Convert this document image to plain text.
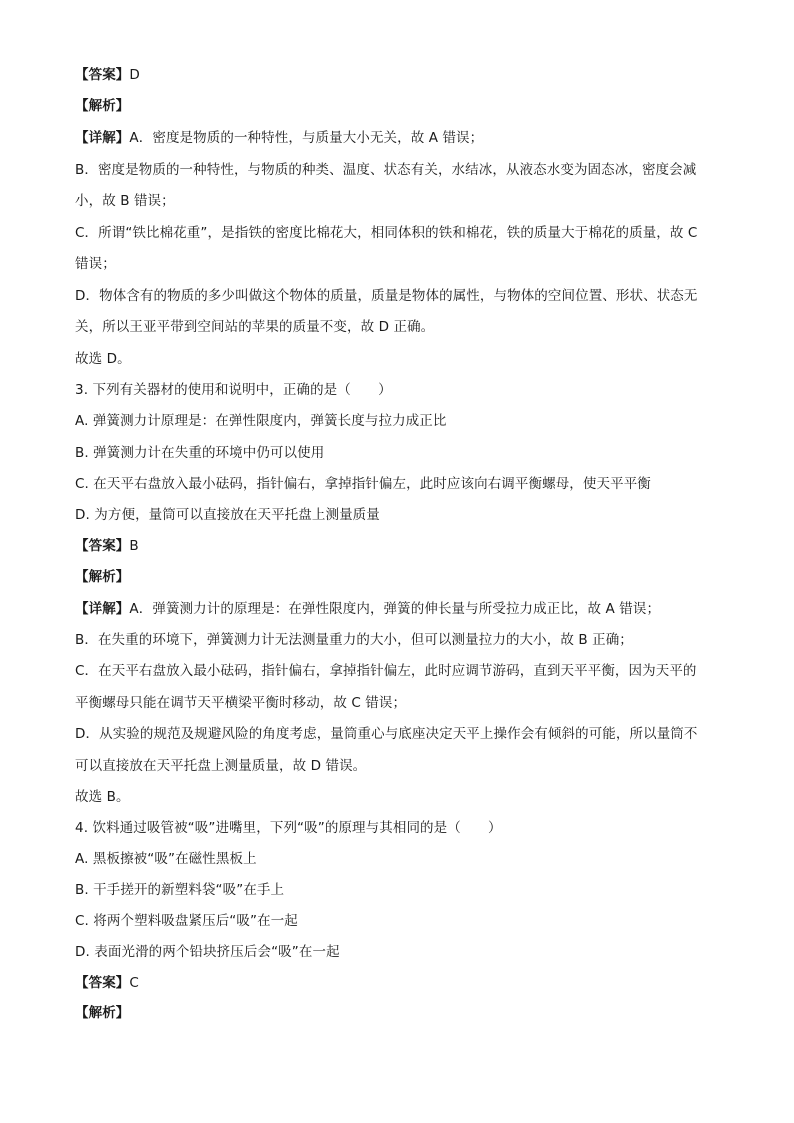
【答案】D
【解析】
【详解】A．密度是物质的一种特性，与质量大小无关，故 A 错误；
B．密度是物质的一种特性，与物质的种类、温度、状态有关，水结冰，从液态水变为固态冰，密度会减
小，故 B 错误；
C．所谓“铁比棉花重”，是指铁的密度比棉花大，相同体积的铁和棉花，铁的质量大于棉花的质量，故 C
错误；
D．物体含有的物质的多少叫做这个物体的质量，质量是物体的属性，与物体的空间位置、形状、状态无
关，所以王亚平带到空间站的苹果的质量不变，故 D 正确。
故选 D。
3. 下列有关器材的使用和说明中，正确的是（　　）
A. 弹簧测力计原理是：在弹性限度内，弹簧长度与拉力成正比
B. 弹簧测力计在失重的环境中仍可以使用
C. 在天平右盘放入最小砝码，指针偏右，拿掉指针偏左，此时应该向右调平衡螺母，使天平平衡
D. 为方便，量筒可以直接放在天平托盘上测量质量
【答案】B
【解析】
【详解】A．弹簧测力计的原理是：在弹性限度内，弹簧的伸长量与所受拉力成正比，故 A 错误；
B．在失重的环境下，弹簧测力计无法测量重力的大小，但可以测量拉力的大小，故 B 正确；
C．在天平右盘放入最小砝码，指针偏右，拿掉指针偏左，此时应调节游码，直到天平平衡，因为天平的
平衡螺母只能在调节天平横梁平衡时移动，故 C 错误；
D．从实验的规范及规避风险的角度考虑，量筒重心与底座决定天平上操作会有倾斜的可能，所以量筒不
可以直接放在天平托盘上测量质量，故 D 错误。
故选 B。
4. 饮料通过吸管被“吸”进嘴里，下列“吸”的原理与其相同的是（　　）
A. 黑板擦被“吸”在磁性黑板上
B. 干手搓开的新塑料袋“吸”在手上
C. 将两个塑料吸盘紧压后“吸”在一起
D. 表面光滑的两个铅块挤压后会“吸”在一起
【答案】C
【解析】
